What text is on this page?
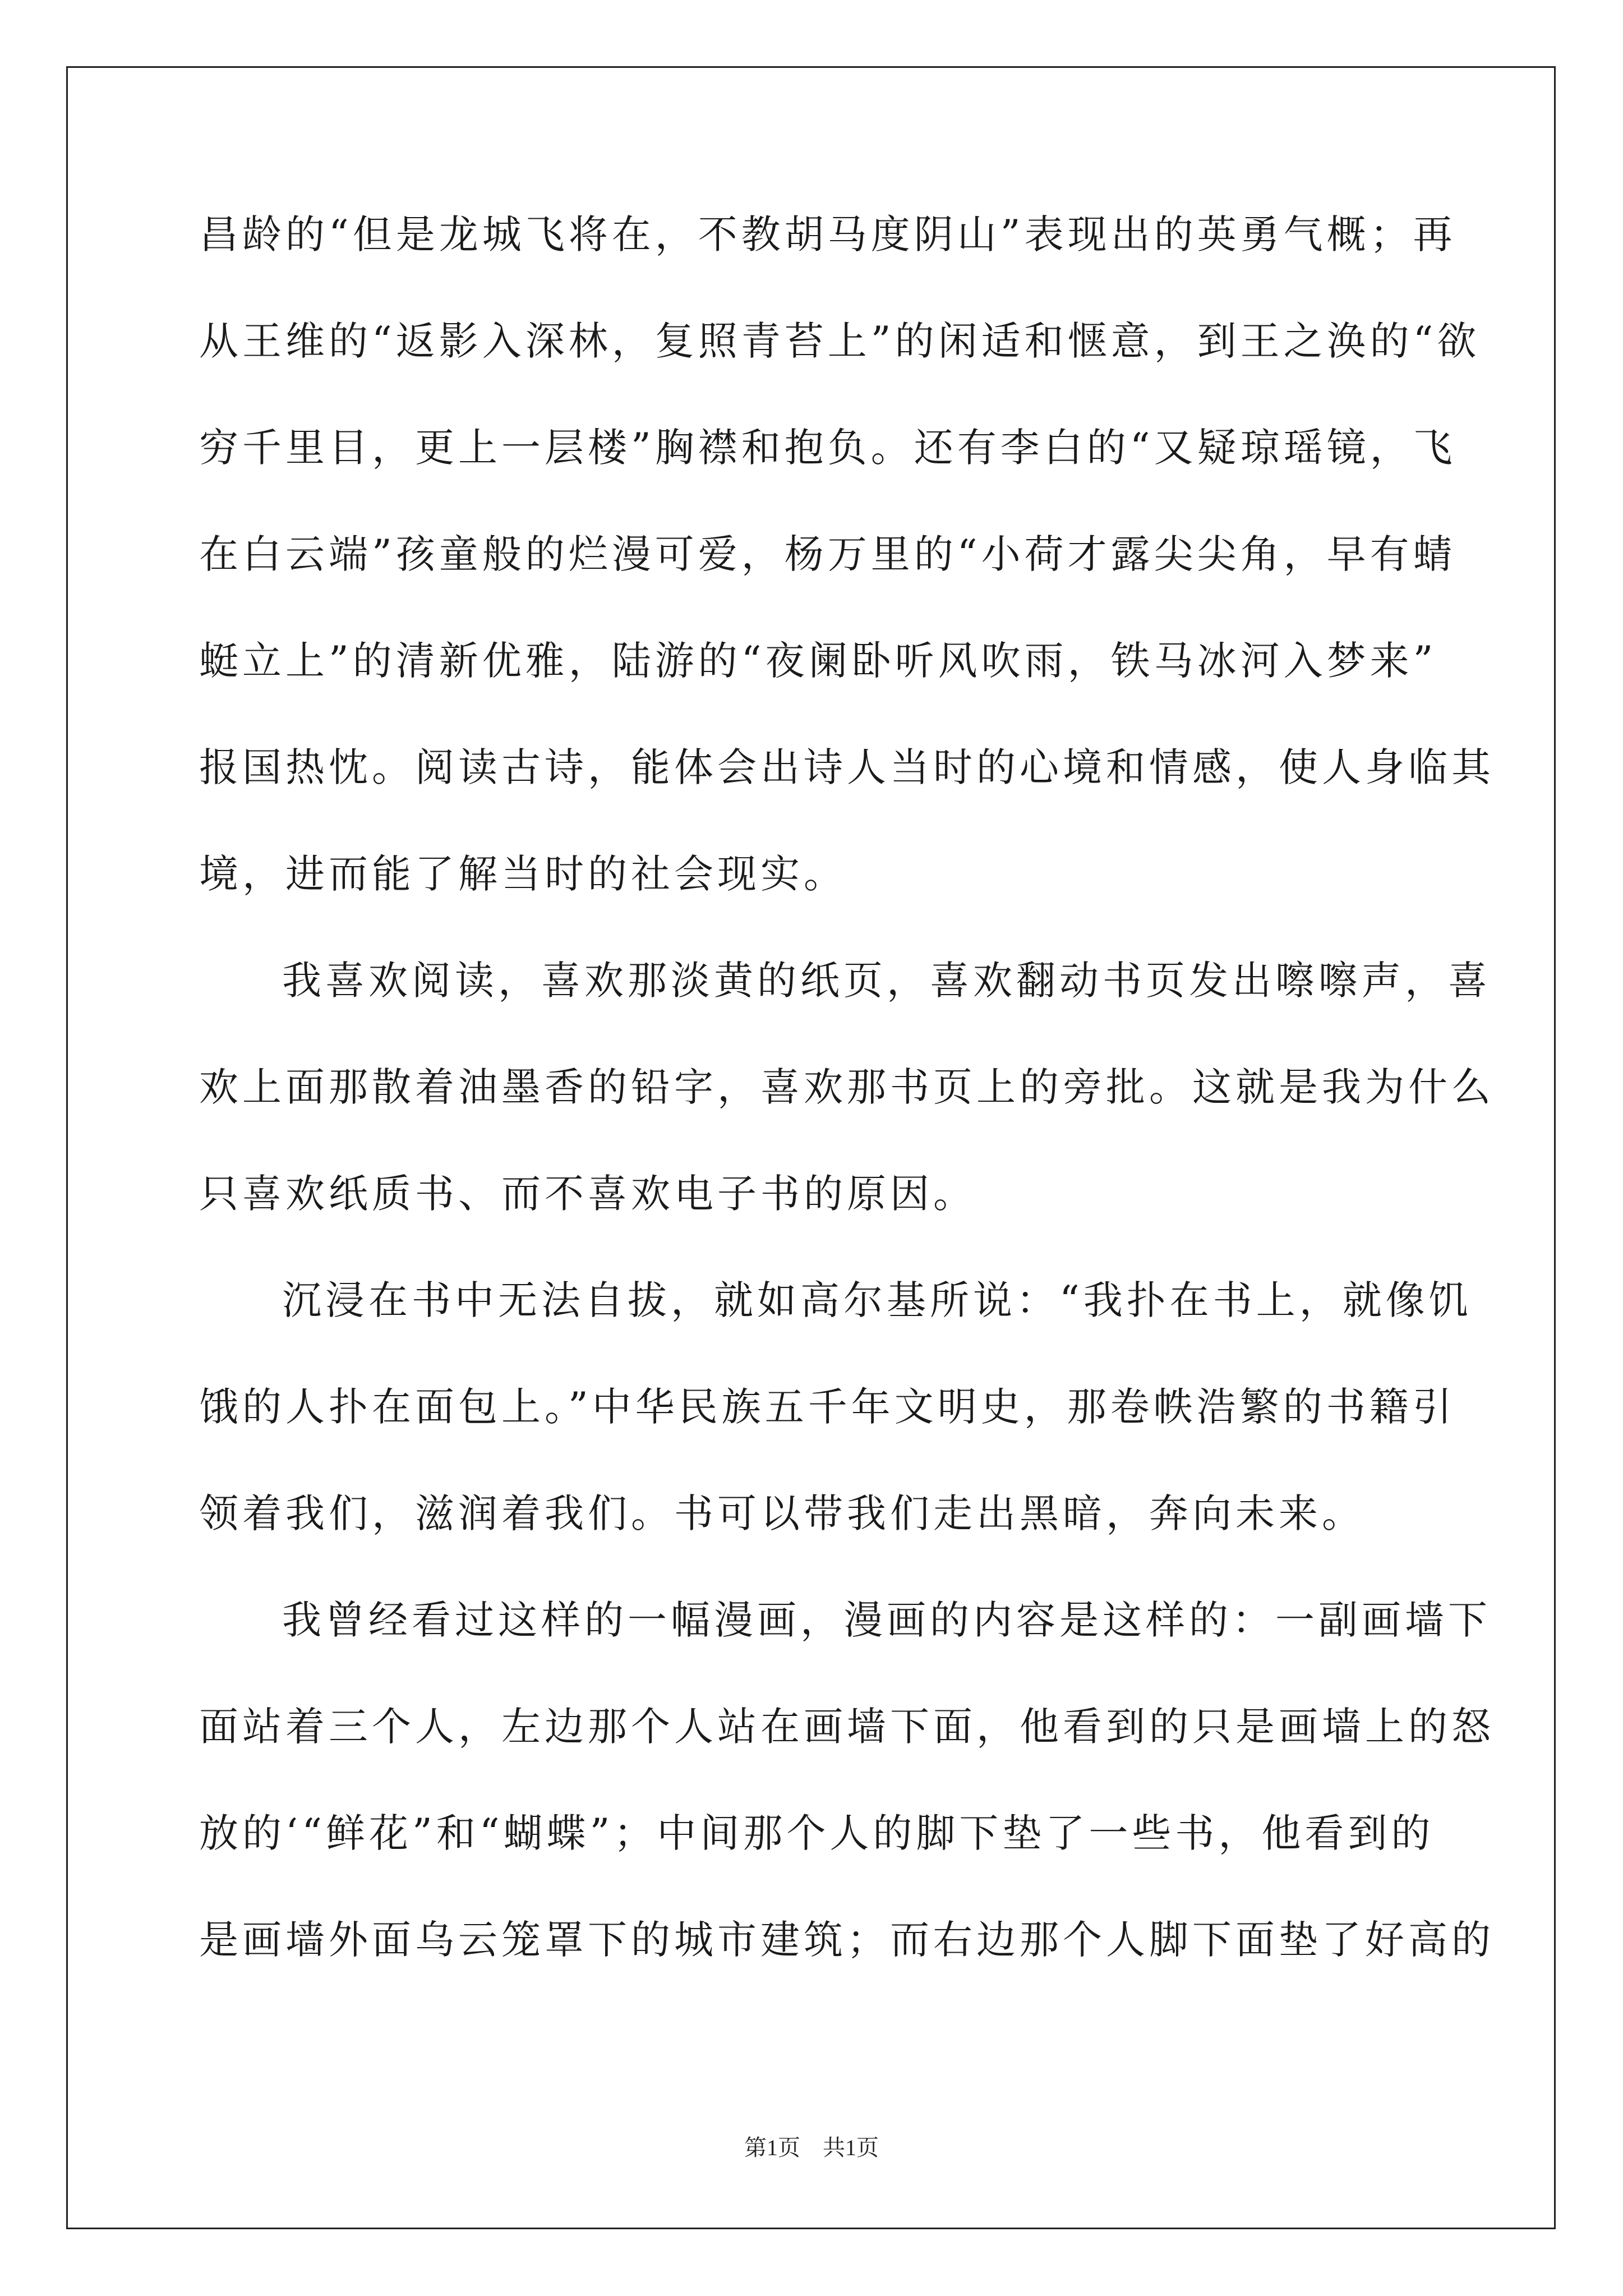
昌龄的“但是龙城飞将在，不教胡马度阴山”表现出的英勇气概；再
从王维的“返影入深林，复照青苔上”的闲适和惬意，到王之涣的“欲
穷千里目，更上一层楼”胸襟和抱负。还有李白的“又疑琼瑶镜，飞
在白云端”孩童般的烂漫可爱，杨万里的“小荷才露尖尖角，早有蜻
蜓立上”的清新优雅，陆游的“夜阑卧听风吹雨，铁马冰河入梦来”
报国热忱。阅读古诗，能体会出诗人当时的心境和情感，使人身临其
境，进而能了解当时的社会现实。
我喜欢阅读，喜欢那淡黄的纸页，喜欢翻动书页发出嚓嚓声，喜
欢上面那散着油墨香的铅字，喜欢那书页上的旁批。这就是我为什么
只喜欢纸质书、而不喜欢电子书的原因。
沉浸在书中无法自拔，就如高尔基所说：“我扑在书上，就像饥
饿的人扑在面包上。”中华民族五千年文明史，那卷帙浩繁的书籍引
领着我们，滋润着我们。书可以带我们走出黑暗，奔向未来。
我曾经看过这样的一幅漫画，漫画的内容是这样的：一副画墙下
面站着三个人，左边那个人站在画墙下面，他看到的只是画墙上的怒
放的‘“鲜花”和“蝴蝶”；中间那个人的脚下垫了一些书，他看到的
是画墙外面乌云笼罩下的城市建筑；而右边那个人脚下面垫了好高的
第1页 共1页
